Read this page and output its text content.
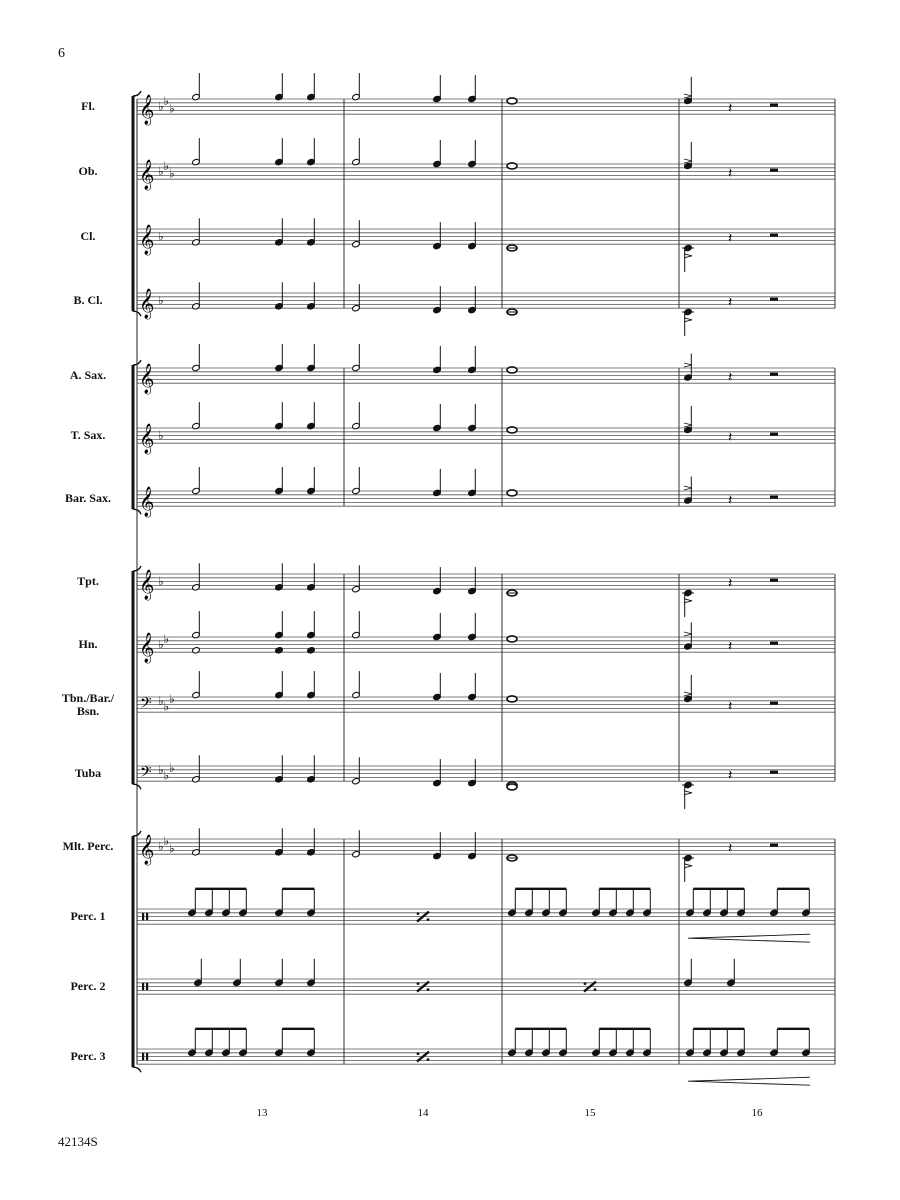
6
42134S
Fl.
Ob.
Cl.
B. Cl.
A. Sax.
T. Sax.
Bar. Sax.
Tpt.
Hn.
Tbn./Bar./
Bsn.
Tuba
Mlt. Perc.
Perc. 1
Perc. 2
Perc. 3
13	14	15	16
𝄞 ♭ ♭
♭
𝄞 ♭ ♭
♭
𝄞 ♭
𝄞 ♭
𝄞
𝄞 ♭
𝄞
𝄞 ♭
𝄞 ♭ ♭
𝄢 ♭ ♭
♭
𝄢 ♭ ♭
♭
𝄞 ♭ ♭
♭
𝄽
𝄽
𝄽
𝄽
𝄽
𝄽
𝄽
𝄽
𝄽
𝄽
𝄽
𝄽
